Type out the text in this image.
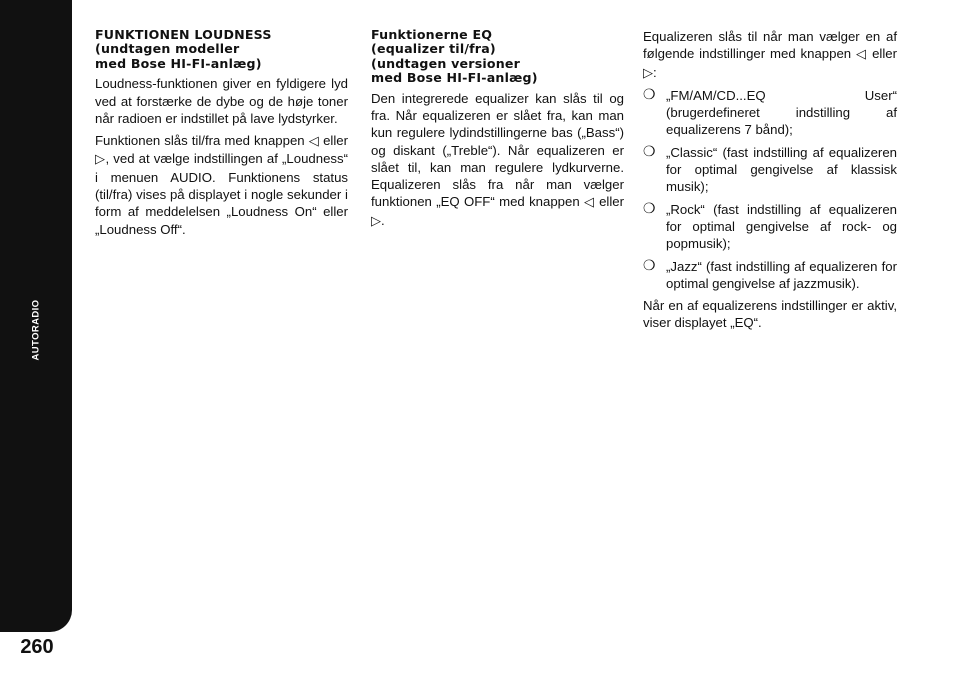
AUTORADIO
260
FUNKTIONEN LOUDNESS
(undtagen modeller
med Bose HI-FI-anlæg)

Loudness-funktionen giver en fyldigere lyd ved at forstærke de dybe og de høje toner når radioen er indstillet på lave lydstyrker.

Funktionen slås til/fra med knappen ◁ eller ▷, ved at vælge indstillingen af „Loudness“ i menuen AUDIO. Funktionens status (til/fra) vises på displayet i nogle sekunder i form af meddelelsen „Loudness On“ eller „Loudness Off“.

Funktionerne EQ
(equalizer til/fra)
(undtagen versioner
med Bose HI-FI-anlæg)

Den integrerede equalizer kan slås til og fra. Når equalizeren er slået fra, kan man kun regulere lydindstillingerne bas („Bass“) og diskant („Treble“). Når equalizeren er slået til, kan man regulere lydkurverne. Equalizeren slås fra når man vælger funktionen „EQ OFF“ med knappen ◁ eller ▷.

Equalizeren slås til når man vælger en af følgende indstillinger med knappen ◁ eller ▷:

❍ „FM/AM/CD...EQ User“ (brugerdefineret indstilling af equalizerens 7 bånd);
❍ „Classic“ (fast indstilling af equalizeren for optimal gengivelse af klassisk musik);
❍ „Rock“ (fast indstilling af equalizeren for optimal gengivelse af rock- og popmusik);
❍ „Jazz“ (fast indstilling af equalizeren for optimal gengivelse af jazzmusik).

Når en af equalizerens indstillinger er aktiv, viser displayet „EQ“.
